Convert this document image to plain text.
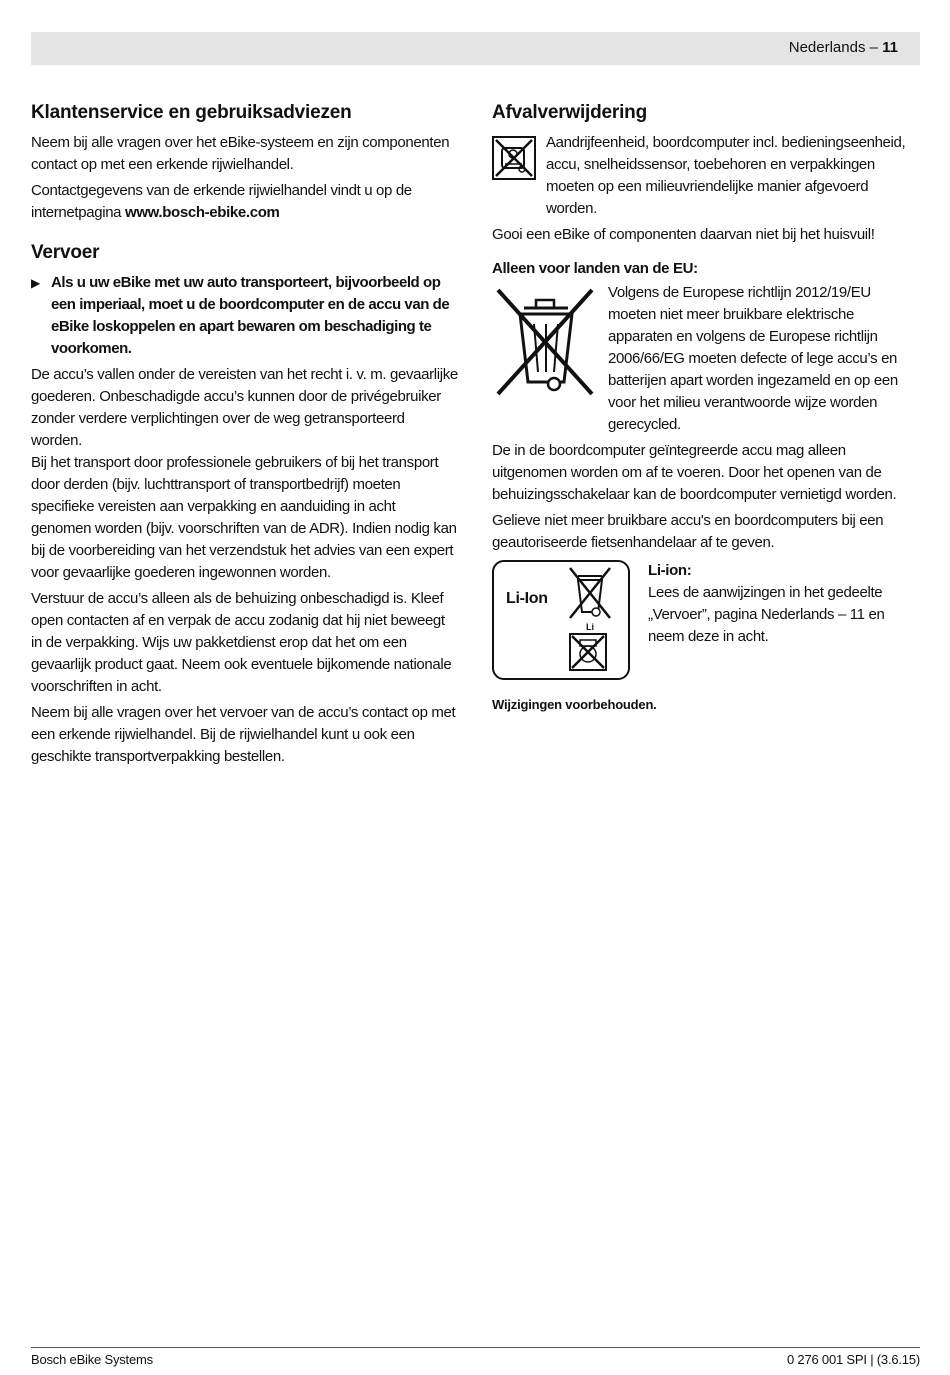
Nederlands – 11
Klantenservice en gebruiksadviezen

Neem bij alle vragen over het eBike-systeem en zijn componenten contact op met een erkende rijwielhandel.

Contactgegevens van de erkende rijwielhandel vindt u op de internetpagina www.bosch-ebike.com

Vervoer
▶ Als u uw eBike met uw auto transporteert, bijvoorbeeld op een imperiaal, moet u de boordcomputer en de accu van de eBike loskoppelen en apart bewaren om beschadiging te voorkomen.

De accu’s vallen onder de vereisten van het recht i. v. m. gevaarlijke goederen. Onbeschadigde accu’s kunnen door de privégebruiker zonder verdere verplichtingen over de weg getransporteerd worden.

Bij het transport door professionele gebruikers of bij het transport door derden (bijv. luchttransport of transportbedrijf) moeten specifieke vereisten aan verpakking en aanduiding in acht genomen worden (bijv. voorschriften van de ADR). Indien nodig kan bij de voorbereiding van het verzendstuk het advies van een expert voor gevaarlijke goederen ingewonnen worden.

Verstuur de accu’s alleen als de behuizing onbeschadigd is. Kleef open contacten af en verpak de accu zodanig dat hij niet beweegt in de verpakking. Wijs uw pakketdienst erop dat het om een gevaarlijk product gaat. Neem ook eventuele bijkomende nationale voorschriften in acht.

Neem bij alle vragen over het vervoer van de accu’s contact op met een erkende rijwielhandel. Bij de rijwielhandel kunt u ook een geschikte transportverpakking bestellen.

Afvalverwijdering

Aandrijfeenheid, boordcomputer incl. bedieningseenheid, accu, snelheidssensor, toebehoren en verpakkingen moeten op een milieuvriendelijke manier afgevoerd worden.

Gooi een eBike of componenten daarvan niet bij het huisvuil!

Alleen voor landen van de EU:

Volgens de Europese richtlijn 2012/19/EU moeten niet meer bruikbare elektrische apparaten en volgens de Europese richtlijn 2006/66/EG moeten defecte of lege accu’s en batterijen apart worden ingezameld en op een voor het milieu verantwoorde wijze worden gerecycled.

De in de boordcomputer geïntegreerde accu mag alleen uitgenomen worden om af te voeren. Door het openen van de behuizingsschakelaar kan de boordcomputer vernietigd worden.

Gelieve niet meer bruikbare accu's en boordcomputers bij een geautoriseerde fietsenhandelaar af te geven.

Li-Ion
Li

Li-ion:

Lees de aanwijzingen in het gedeelte „Vervoer”, pagina Nederlands – 11 en neem deze in acht.

Wijzigingen voorbehouden.

Bosch eBike Systems	0 276 001 SPI | (3.6.15)
